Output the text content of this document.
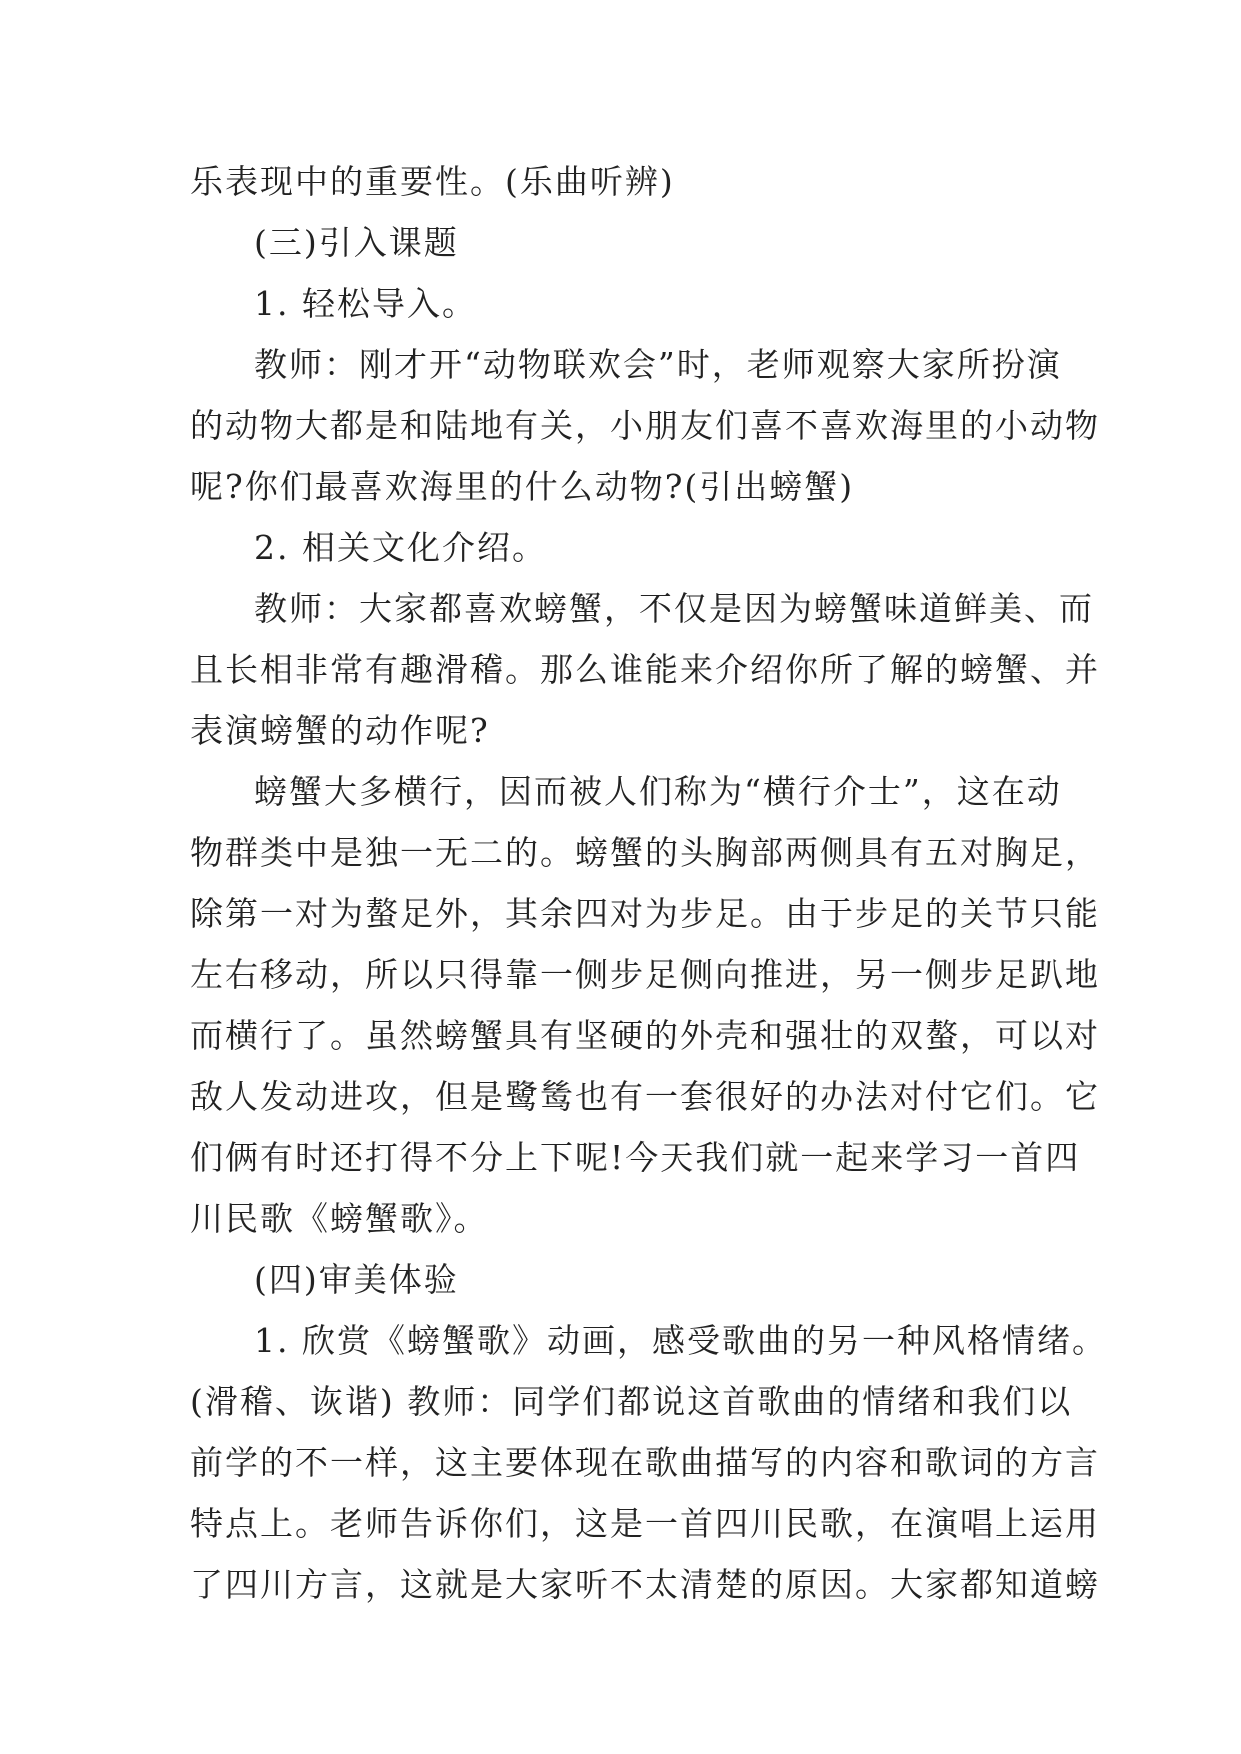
乐表现中的重要性。(乐曲听辨)
(三)引入课题
1. 轻松导入。
教师：刚才开“动物联欢会”时，老师观察大家所扮演
的动物大都是和陆地有关，小朋友们喜不喜欢海里的小动物
呢?你们最喜欢海里的什么动物?(引出螃蟹)
2. 相关文化介绍。
教师：大家都喜欢螃蟹，不仅是因为螃蟹味道鲜美、而
且长相非常有趣滑稽。那么谁能来介绍你所了解的螃蟹、并
表演螃蟹的动作呢?
螃蟹大多横行，因而被人们称为“横行介士”，这在动
物群类中是独一无二的。螃蟹的头胸部两侧具有五对胸足，
除第一对为螯足外，其余四对为步足。由于步足的关节只能
左右移动，所以只得靠一侧步足侧向推进，另一侧步足趴地
而横行了。虽然螃蟹具有坚硬的外壳和强壮的双螯，可以对
敌人发动进攻，但是鹭鸶也有一套很好的办法对付它们。它
们俩有时还打得不分上下呢!今天我们就一起来学习一首四
川民歌《螃蟹歌》。
(四)审美体验
1. 欣赏《螃蟹歌》动画，感受歌曲的另一种风格情绪。
(滑稽、诙谐) 教师：同学们都说这首歌曲的情绪和我们以
前学的不一样，这主要体现在歌曲描写的内容和歌词的方言
特点上。老师告诉你们，这是一首四川民歌，在演唱上运用
了四川方言，这就是大家听不太清楚的原因。大家都知道螃
